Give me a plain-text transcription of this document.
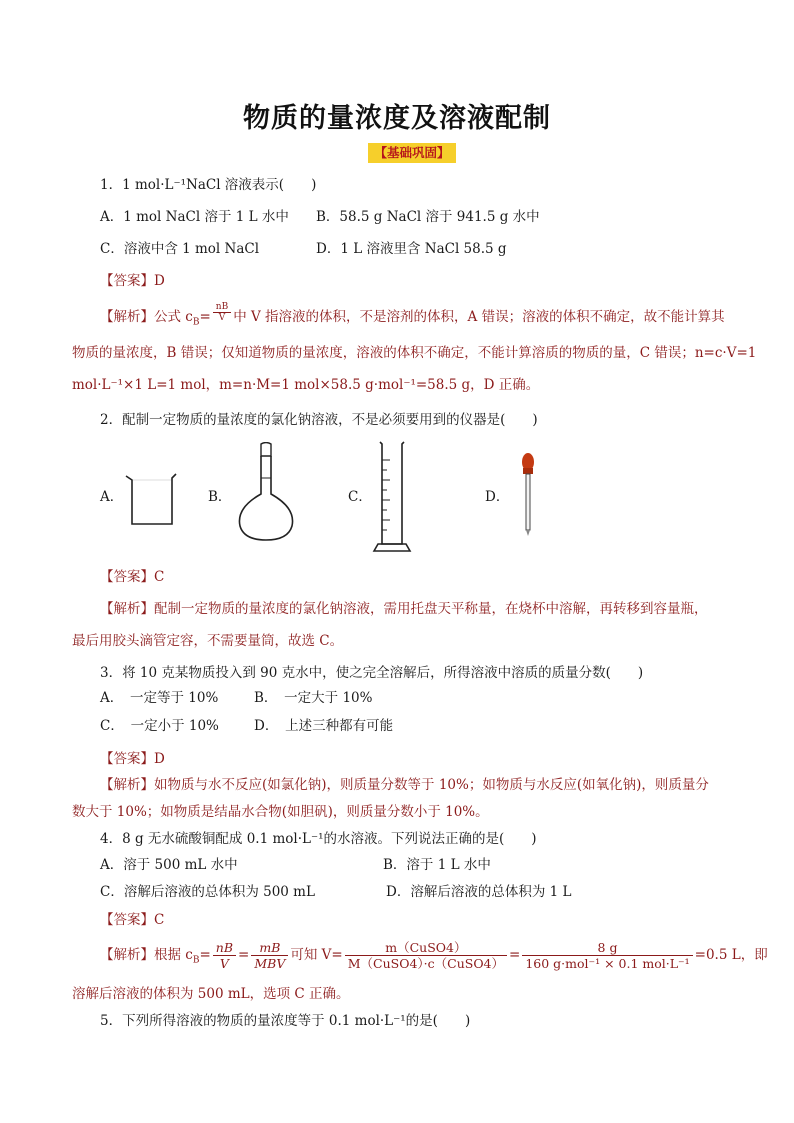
物质的量浓度及溶液配制
【基础巩固】
1．1 mol·L⁻¹NaCl 溶液表示(　　)
A．1 mol NaCl 溶于 1 L 水中 B．58.5 g NaCl 溶于 941.5 g 水中
C．溶液中含 1 mol NaCl	D．1 L 溶液里含 NaCl 58.5 g
【答案】D
【解析】公式 $c_B= \frac{nB}{V}$ 中 V 指溶液的体积，不是溶剂的体积，A 错误；溶液的体积不确定，故不能计算其
物质的量浓度，B 错误；仅知道物质的量浓度，溶液的体积不确定，不能计算溶质的物质的量，C 错误；n=c·V=1
mol·L⁻¹×1 L=1 mol，m=n·M=1 mol×58.5 g·mol⁻¹=58.5 g，D 正确。
2．配制一定物质的量浓度的氯化钠溶液，不是必须要用到的仪器是(　　)
A．	B．	C．	D．
【答案】C
【解析】配制一定物质的量浓度的氯化钠溶液，需用托盘天平称量，在烧杯中溶解，再转移到容量瓶，
最后用胶头滴管定容，不需要量筒，故选 C。
3．将 10 克某物质投入到 90 克水中，使之完全溶解后，所得溶液中溶质的质量分数(　　)
A．　一定等于 10%	B．　一定大于 10%
C．　一定小于 10%	D．　上述三种都有可能
【答案】D
【解析】如物质与水不反应(如氯化钠)，则质量分数等于 10%；如物质与水反应(如氧化钠)，则质量分
数大于 10%；如物质是结晶水合物(如胆矾)，则质量分数小于 10%。
4．8 g 无水硫酸铜配成 0.1 mol·L⁻¹的水溶液。下列说法正确的是(　　)
A．溶于 500 mL 水中	B．溶于 1 L 水中
C．溶解后溶液的总体积为 500 mL	D．溶解后溶液的总体积为 1 L
【答案】C
【解析】根据 $c_B= \frac{nB}{V} = \frac{mB}{\text{MBV}}$ 可知 $V= \frac{\text{m（CuSO4）}}{\text{M（CuSO4）·c（CuSO4）}} = \frac{8 g}{\text{160 g·mol⁻¹ × 0.1 mol·L⁻¹}} =0.5$ L，即
溶解后溶液的体积为 500 mL，选项 C 正确。
5．下列所得溶液的物质的量浓度等于 0.1 mol·L⁻¹的是(　　)
